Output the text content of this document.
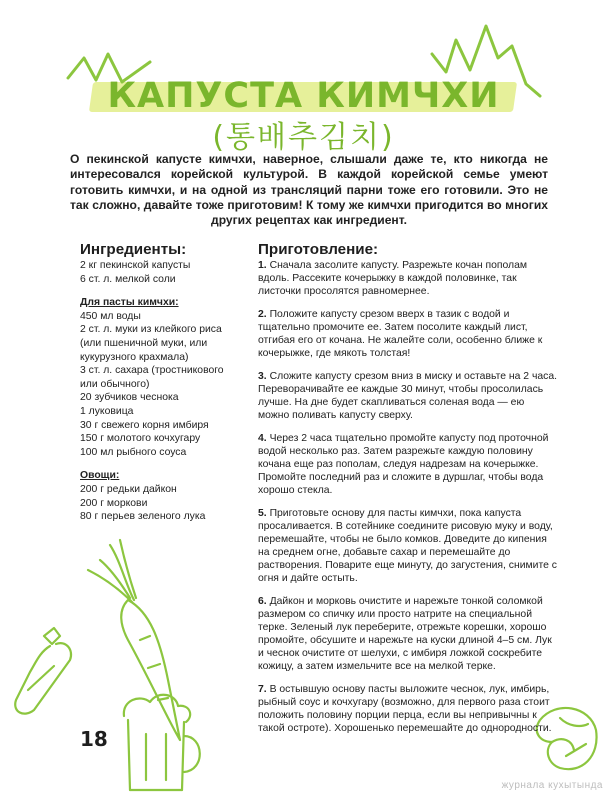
КАПУСТА КИМЧХИ
(통배추김치)
О пекинской капусте кимчхи, наверное, слышали даже те, кто никогда не интересовался корейской культурой. В каждой корейской семье умеют готовить кимчхи, и на одной из трансляций парни тоже его готовили. Это не так сложно, давайте тоже приготовим! К тому же кимчхи пригодится во многих других рецептах как ингредиент.
Ингредиенты:
2 кг пекинской капусты
6 ст. л. мелкой соли
Для пасты кимчхи:
450 мл воды
2 ст. л. муки из клейкого риса (или пшеничной муки, или кукурузного крахмала)
3 ст. л. сахара (тростникового или обычного)
20 зубчиков чеснока
1 луковица
30 г свежего корня имбиря
150 г молотого кочхугару
100 мл рыбного соуса
Овощи:
200 г редьки дайкон
200 г моркови
80 г перьев зеленого лука
Приготовление:

1. Сначала засолите капусту. Разрежьте кочан пополам вдоль. Рассеките кочерыжку в каждой половинке, так листочки просолятся равномернее.

2. Положите капусту срезом вверх в тазик с водой и тщательно промочите ее. Затем посолите каждый лист, отгибая его от кочана. Не жалейте соли, особенно ближе к кочерыжке, где мякоть толстая!

3. Сложите капусту срезом вниз в миску и оставьте на 2 часа. Переворачивайте ее каждые 30 минут, чтобы просолилась лучше. На дне будет скапливаться соленая вода — ею можно поливать капусту сверху.

4. Через 2 часа тщательно промойте капусту под проточной водой несколько раз. Затем разрежьте каждую половину кочана еще раз пополам, следуя надрезам на кочерыжке. Промойте последний раз и сложите в дуршлаг, чтобы вода хорошо стекла.

5. Приготовьте основу для пасты кимчхи, пока капуста просаливается. В сотейнике соедините рисовую муку и воду, перемешайте, чтобы не было комков. Доведите до кипения на среднем огне, добавьте сахар и перемешайте до растворения. Поварите еще минуту, до загустения, снимите с огня и дайте остыть.

6. Дайкон и морковь очистите и нарежьте тонкой соломкой размером со спичку или просто натрите на специальной терке. Зеленый лук переберите, отрежьте корешки, хорошо промойте, обсушите и нарежьте на куски длиной 4–5 см. Лук и чеснок очистите от шелухи, с имбиря ложкой соскребите кожицу, а затем измельчите все на мелкой терке.

7. В остывшую основу пасты выложите чеснок, лук, имбирь, рыбный соус и кочхугару (возможно, для первого раза стоит положить половину порции перца, если вы непривычны к такой остроте). Хорошенько перемешайте до однородности.

18
журнала кухытында
